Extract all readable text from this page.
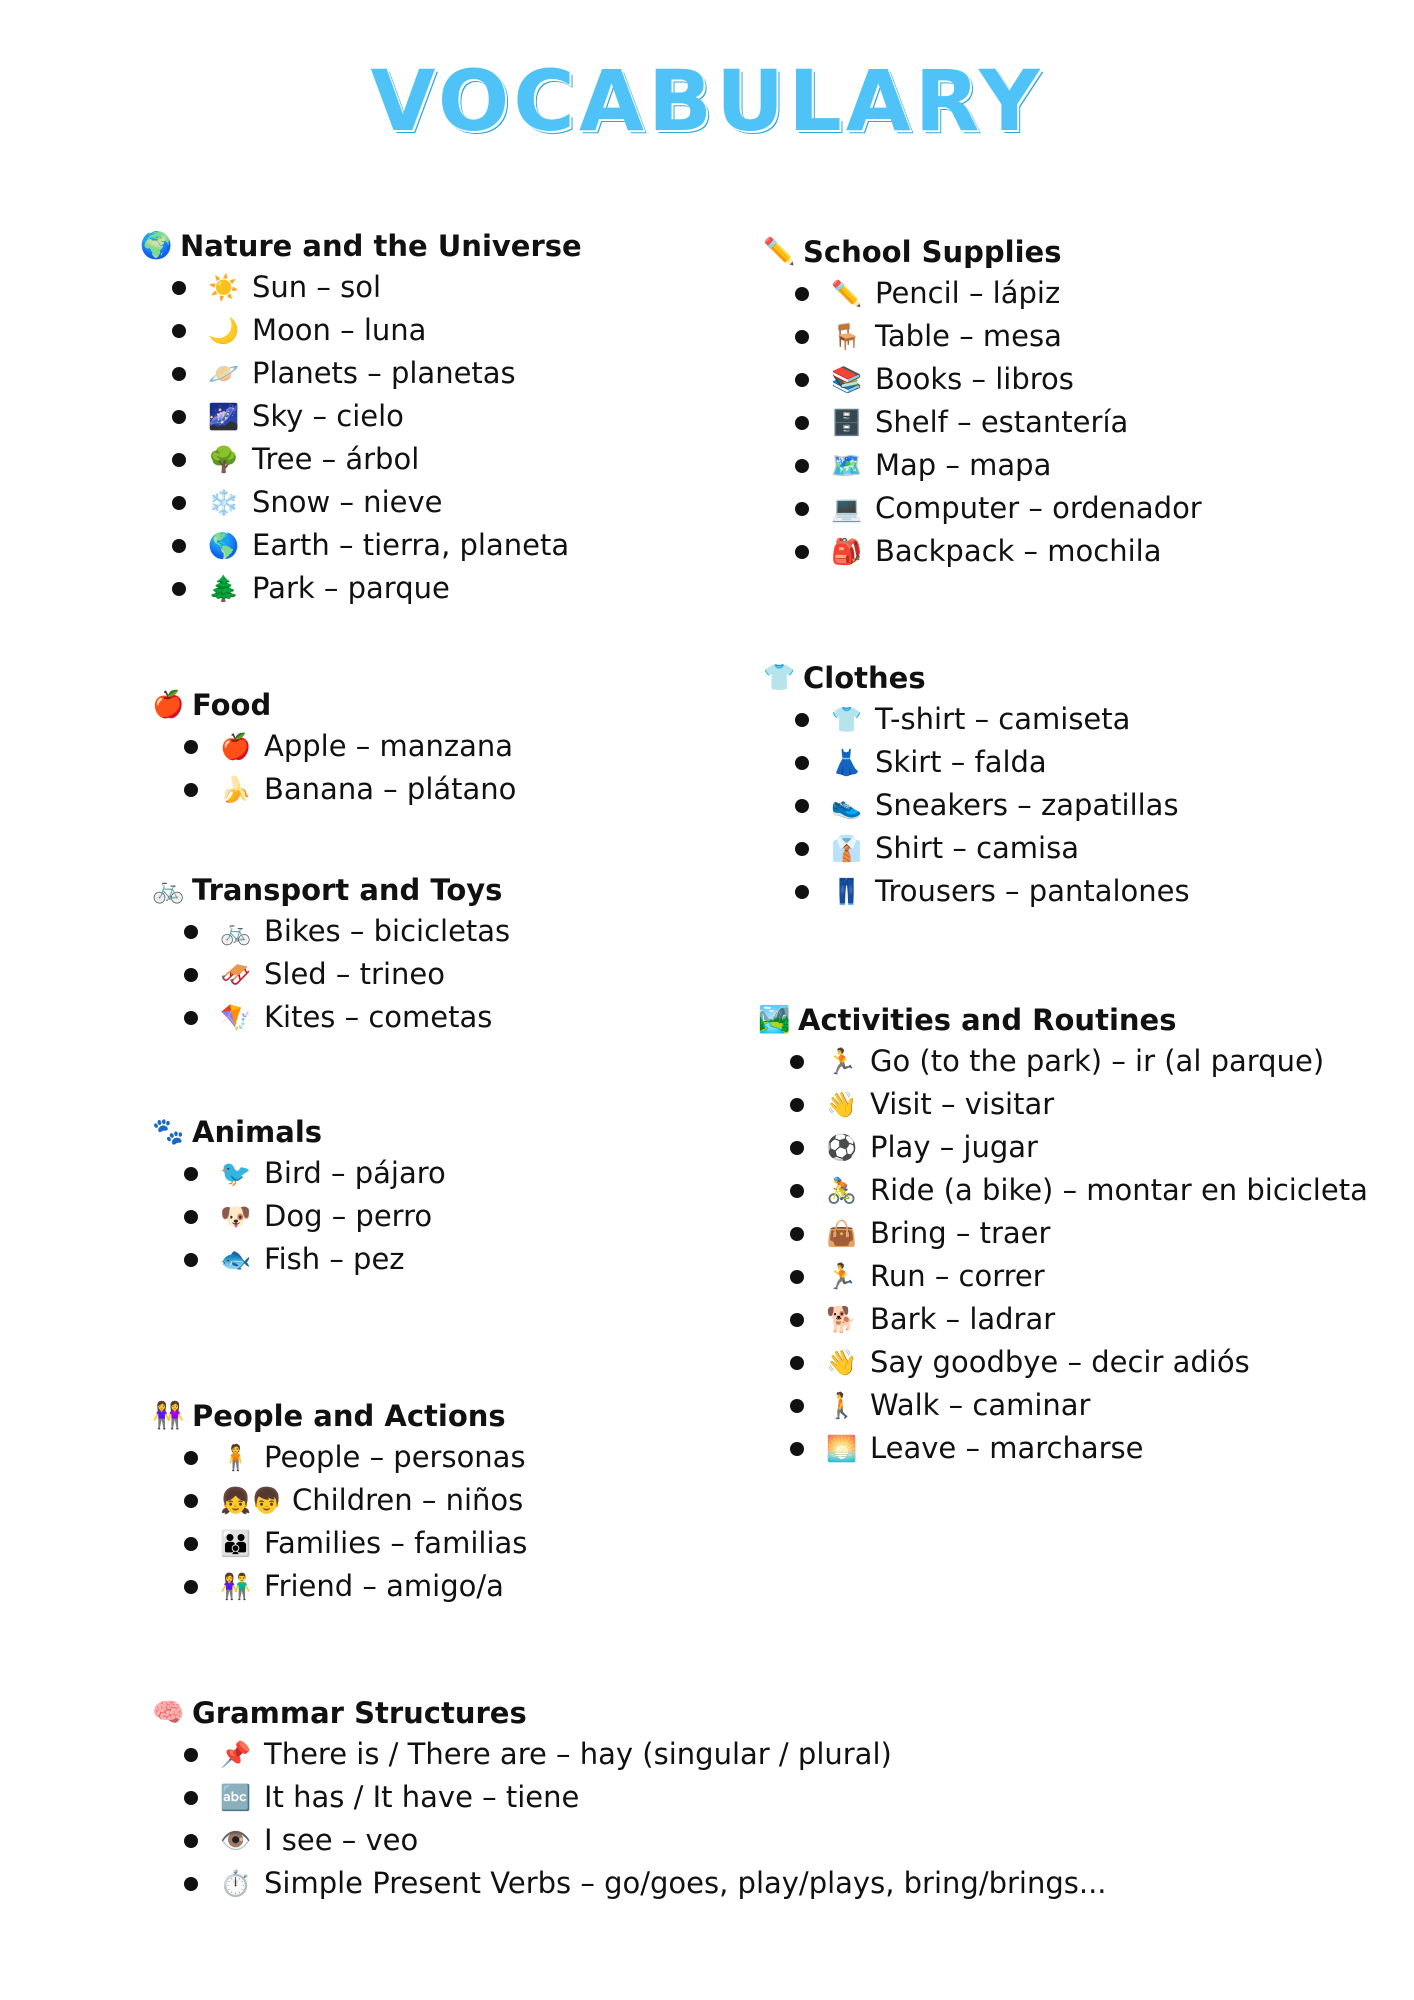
VOCABULARY
🌍 Nature and the Universe
☀️ Sun – sol
🌙 Moon – luna
🪐 Planets – planetas
🌌 Sky – cielo
🌳 Tree – árbol
❄️ Snow – nieve
🌎 Earth – tierra, planeta
🌲 Park – parque
✏️ School Supplies
✏️ Pencil – lápiz
🪑 Table – mesa
📚 Books – libros
🗄️ Shelf – estantería
🗺️ Map – mapa
💻 Computer – ordenador
🎒 Backpack – mochila
🍎 Food
🍎 Apple – manzana
🍌 Banana – plátano
👕 Clothes
👕 T-shirt – camiseta
👗 Skirt – falda
👟 Sneakers – zapatillas
👔 Shirt – camisa
👖 Trousers – pantalones
🚲 Transport and Toys
🚲 Bikes – bicicletas
🛷 Sled – trineo
🪁 Kites – cometas	🏞️ Activities and Routines
🏃 Go (to the park) – ir (al parque)
👋 Visit – visitar
⚽ Play – jugar
🚴 Ride (a bike) – montar en bicicleta
👜 Bring – traer
🏃 Run – correr
🐕 Bark – ladrar
👋 Say goodbye – decir adiós
🚶 Walk – caminar
🌅 Leave – marcharse
🐾 Animals
🐦 Bird – pájaro
🐶 Dog – perro
🐟 Fish – pez
👭 People and Actions
🧍 People – personas
👧👦 Children – niños
👪 Families – familias
👫 Friend – amigo/a
🧠 Grammar Structures
📌 There is / There are – hay (singular / plural)
🔤 It has / It have – tiene
👁️ I see – veo
⏱️ Simple Present Verbs – go/goes, play/plays, bring/brings...
